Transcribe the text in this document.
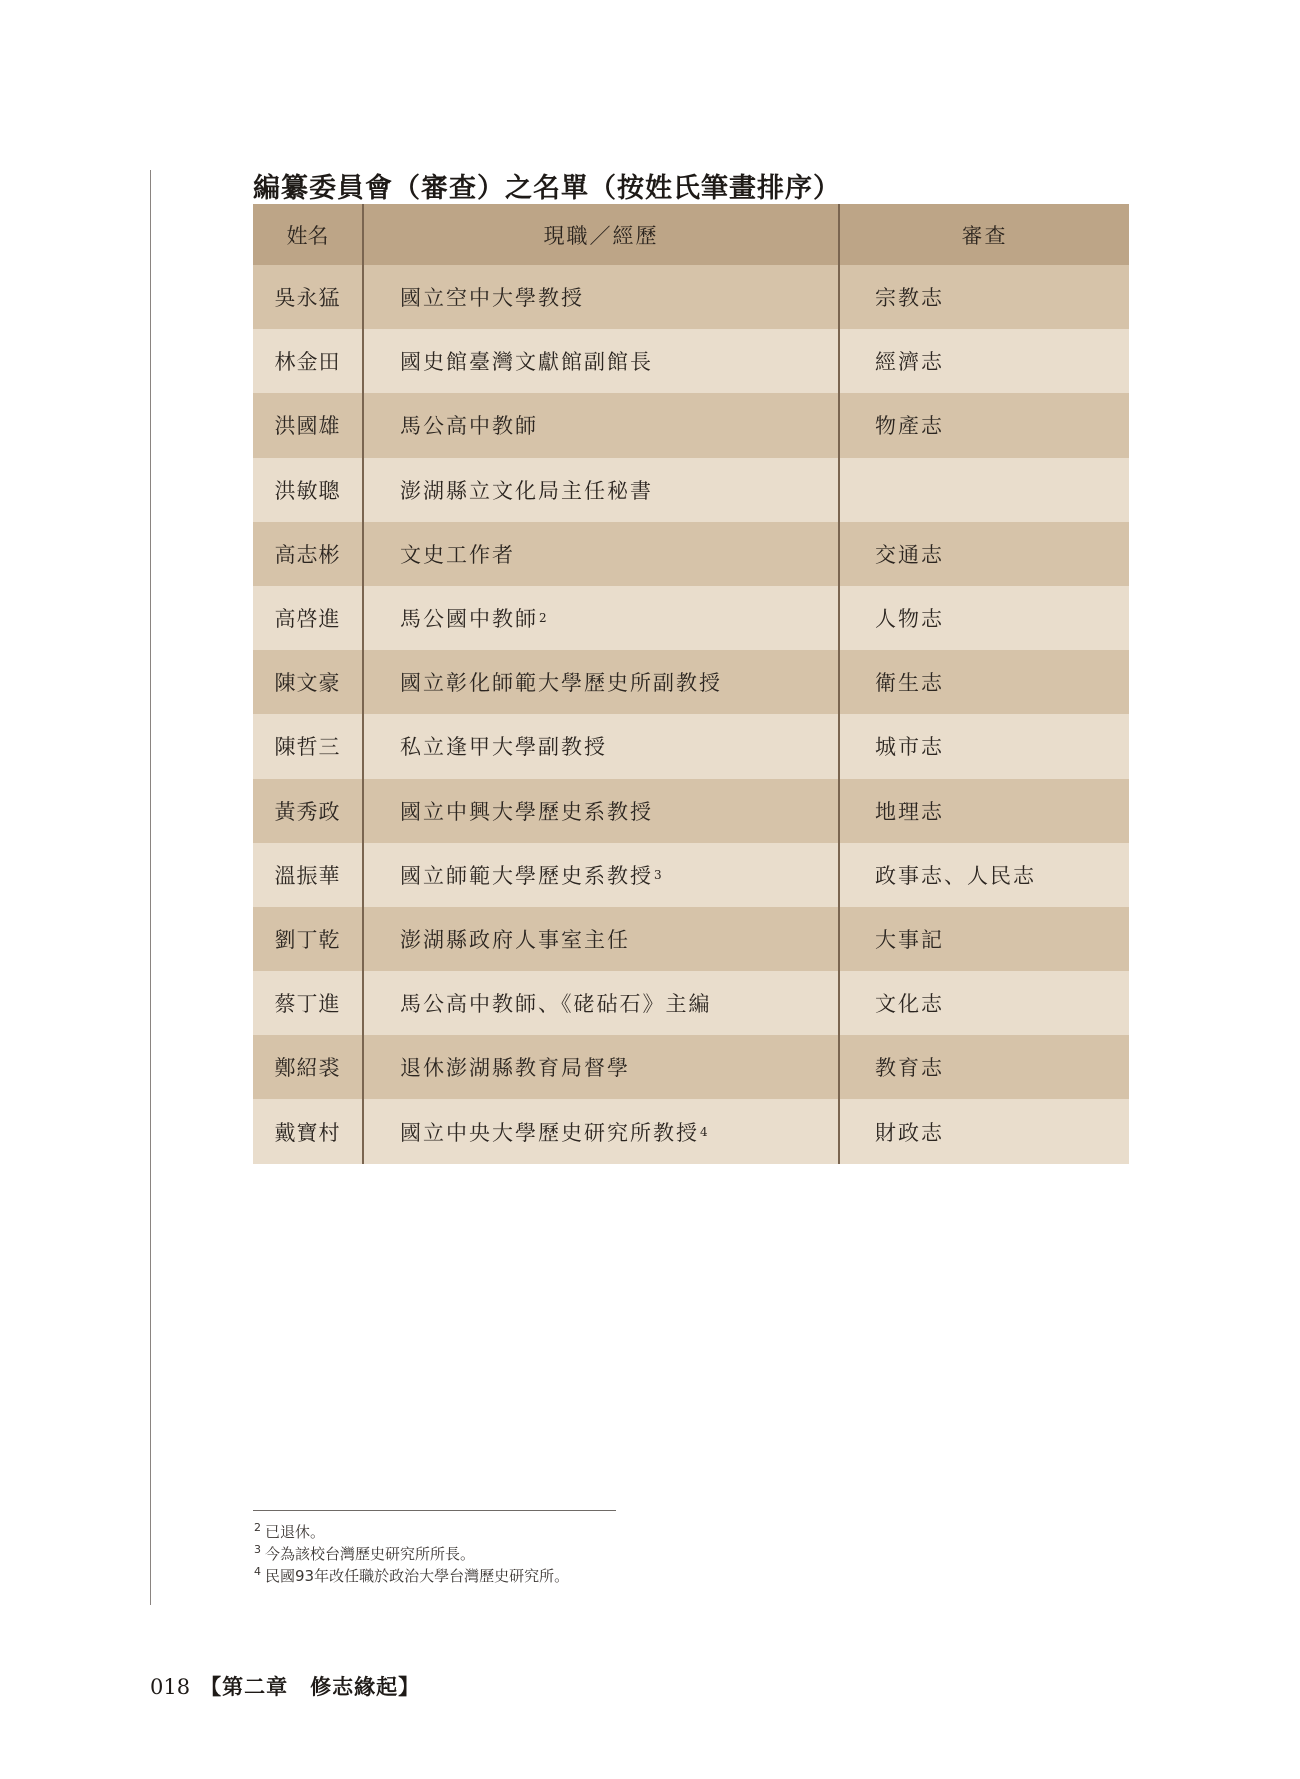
編纂委員會（審查）之名單（按姓氏筆畫排序）
姓名	現職／經歷	審查
吳永猛	國立空中大學教授	宗教志
林金田	國史館臺灣文獻館副館長	經濟志
洪國雄	馬公高中教師	物產志
洪敏聰	澎湖縣立文化局主任秘書
高志彬	文史工作者	交通志
高啓進	馬公國中教師 2	人物志
陳文豪	國立彰化師範大學歷史所副教授	衛生志
陳哲三	私立逢甲大學副教授	城市志
黃秀政	國立中興大學歷史系教授	地理志
溫振華	國立師範大學歷史系教授 3	政事志、人民志
劉丁乾	澎湖縣政府人事室主任	大事記
蔡丁進	馬公高中教師、《硓砧石》主編	文化志
鄭紹裘	退休澎湖縣教育局督學	教育志
戴寶村	國立中央大學歷史研究所教授 4	財政志
$^2$ 已退休。
$^3$ 今為該校台灣歷史研究所所長。
$^4$ 民國93年改任職於政治大學台灣歷史研究所。
018 【第二章　修志緣起】
